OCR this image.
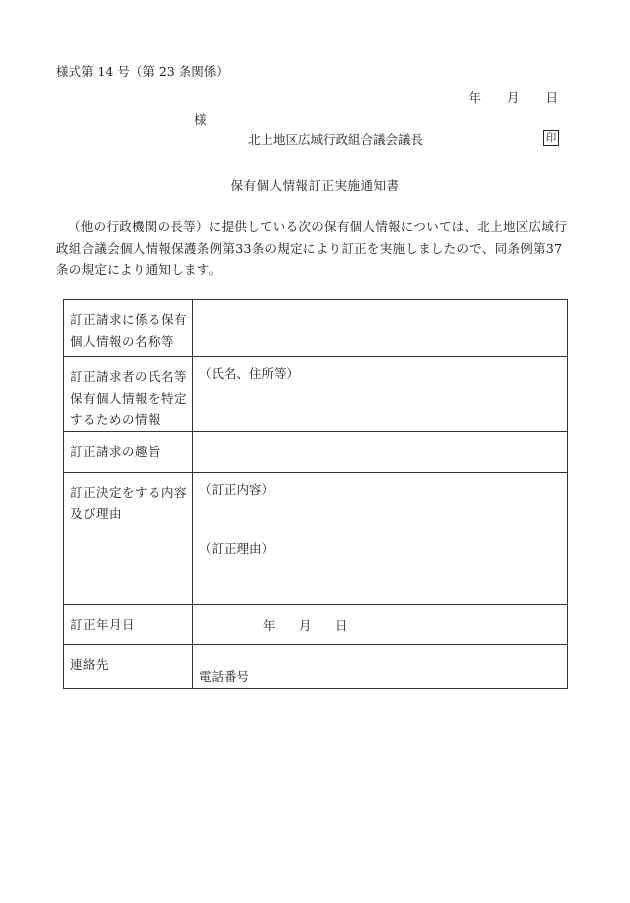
様式第 14 号（第 23 条関係）
年 月 日
様
北上地区広域行政組合議会議長	印
保有個人情報訂正実施通知書
（他の行政機関の長等）に提供している次の保有個人情報については、北上地区広域行政組合議会個人情報保護条例第33条の規定により訂正を実施しましたので、同条例第37条の規定により通知します。
訂正請求に係る保有個人情報の名称等	
訂正請求者の氏名等保有個人情報を特定するための情報	（氏名、住所等）
訂正請求の趣旨	
訂正決定をする内容及び理由	（訂正内容）
（訂正理由）

訂正年月日	年 月 日

連絡先	電話番号
